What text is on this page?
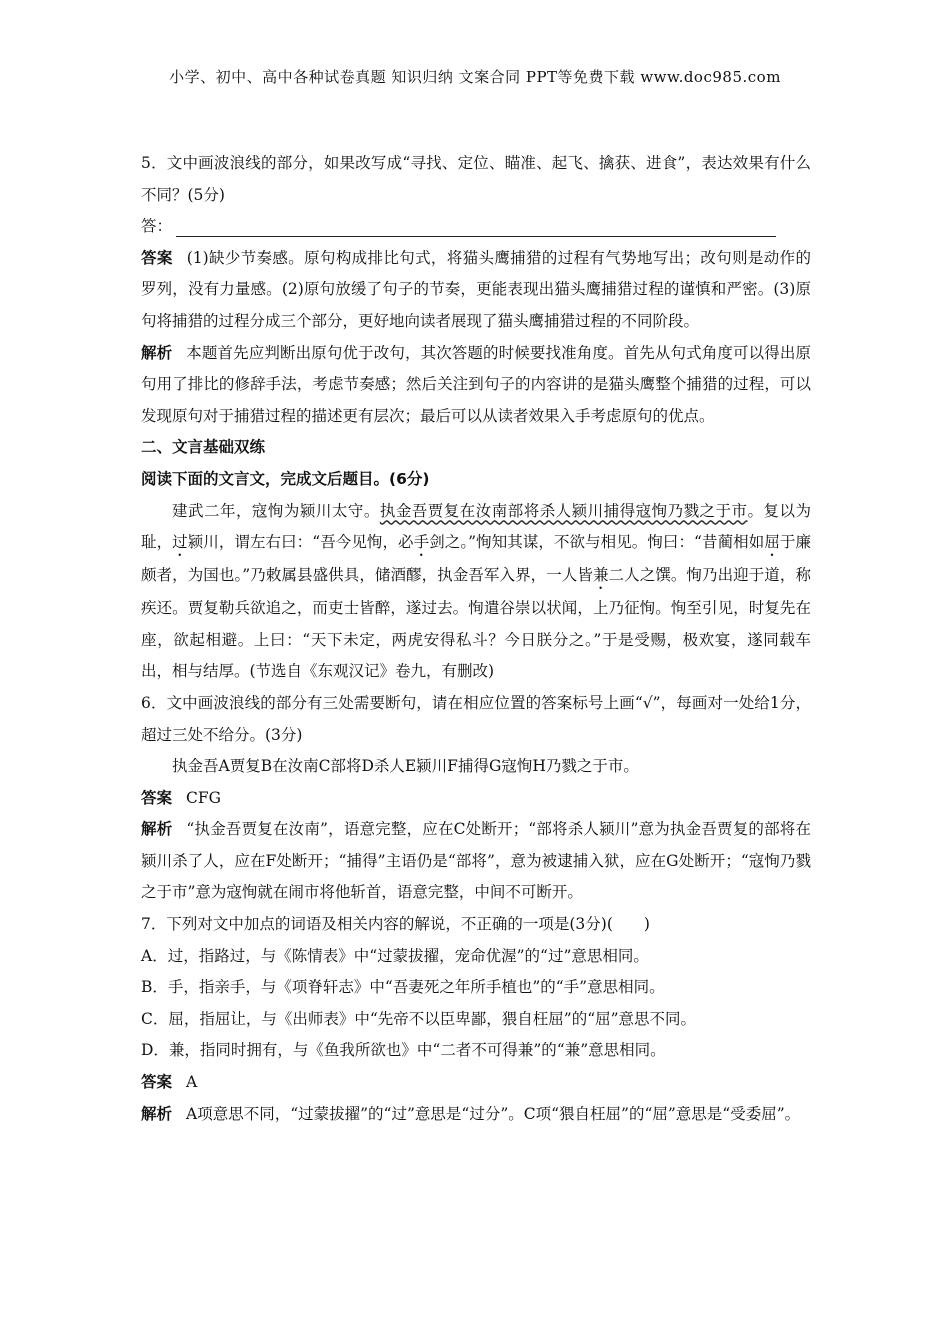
小学、初中、高中各种试卷真题 知识归纳 文案合同 PPT等免费下载 www.doc985.com

5．文中画波浪线的部分，如果改写成“寻找、定位、瞄准、起飞、擒获、进食”，表达效果有什么不同？(5分)

答：

答案 (1)缺少节奏感。原句构成排比句式，将猫头鹰捕猎的过程有气势地写出；改句则是动作的罗列，没有力量感。(2)原句放缓了句子的节奏，更能表现出猫头鹰捕猎过程的谨慎和严密。(3)原句将捕猎的过程分成三个部分，更好地向读者展现了猫头鹰捕猎过程的不同阶段。

解析 本题首先应判断出原句优于改句，其次答题的时候要找准角度。首先从句式角度可以得出原句用了排比的修辞手法，考虑节奏感；然后关注到句子的内容讲的是猫头鹰整个捕猎的过程，可以发现原句对于捕猎过程的描述更有层次；最后可以从读者效果入手考虑原句的优点。

二、文言基础双练

阅读下面的文言文，完成文后题目。(6分)

建武二年，寇恂为颍川太守。执金吾贾复在汝南部将杀人颍川捕得寇恂乃戮之于市。复以为耻，过颍川，谓左右曰：“吾今见恂，必手剑之。”恂知其谋，不欲与相见。恂曰：“昔蔺相如屈于廉颇者，为国也。”乃敕属县盛供具，储酒醪，执金吾军入界，一人皆兼二人之馔。恂乃出迎于道，称疾还。贾复勒兵欲追之，而吏士皆醉，遂过去。恂遣谷崇以状闻，上乃征恂。恂至引见，时复先在座，欲起相避。上曰：“天下未定，两虎安得私斗？今日朕分之。”于是受赐，极欢宴，遂同载车出，相与结厚。(节选自《东观汉记》卷九，有删改)

6．文中画波浪线的部分有三处需要断句，请在相应位置的答案标号上画“√”，每画对一处给1分，超过三处不给分。(3分)

执金吾A贾复B在汝南C部将D杀人E颍川F捕得G寇恂H乃戮之于市。

答案 CFG

解析 “执金吾贾复在汝南”，语意完整，应在C处断开；“部将杀人颍川”意为执金吾贾复的部将在颍川杀了人，应在F处断开；“捕得”主语仍是“部将”，意为被逮捕入狱，应在G处断开；“寇恂乃戮之于市”意为寇恂就在闹市将他斩首，语意完整，中间不可断开。

7．下列对文中加点的词语及相关内容的解说，不正确的一项是(3分)(　　)

A．过，指路过，与《陈情表》中“过蒙拔擢，宠命优渥”的“过”意思相同。

B．手，指亲手，与《项脊轩志》中“吾妻死之年所手植也”的“手”意思相同。

C．屈，指屈让，与《出师表》中“先帝不以臣卑鄙，猥自枉屈”的“屈”意思不同。

D．兼，指同时拥有，与《鱼我所欲也》中“二者不可得兼”的“兼”意思相同。

答案 A

解析 A项意思不同，“过蒙拔擢”的“过”意思是“过分”。C项“猥自枉屈”的“屈”意思是“受委屈”。
